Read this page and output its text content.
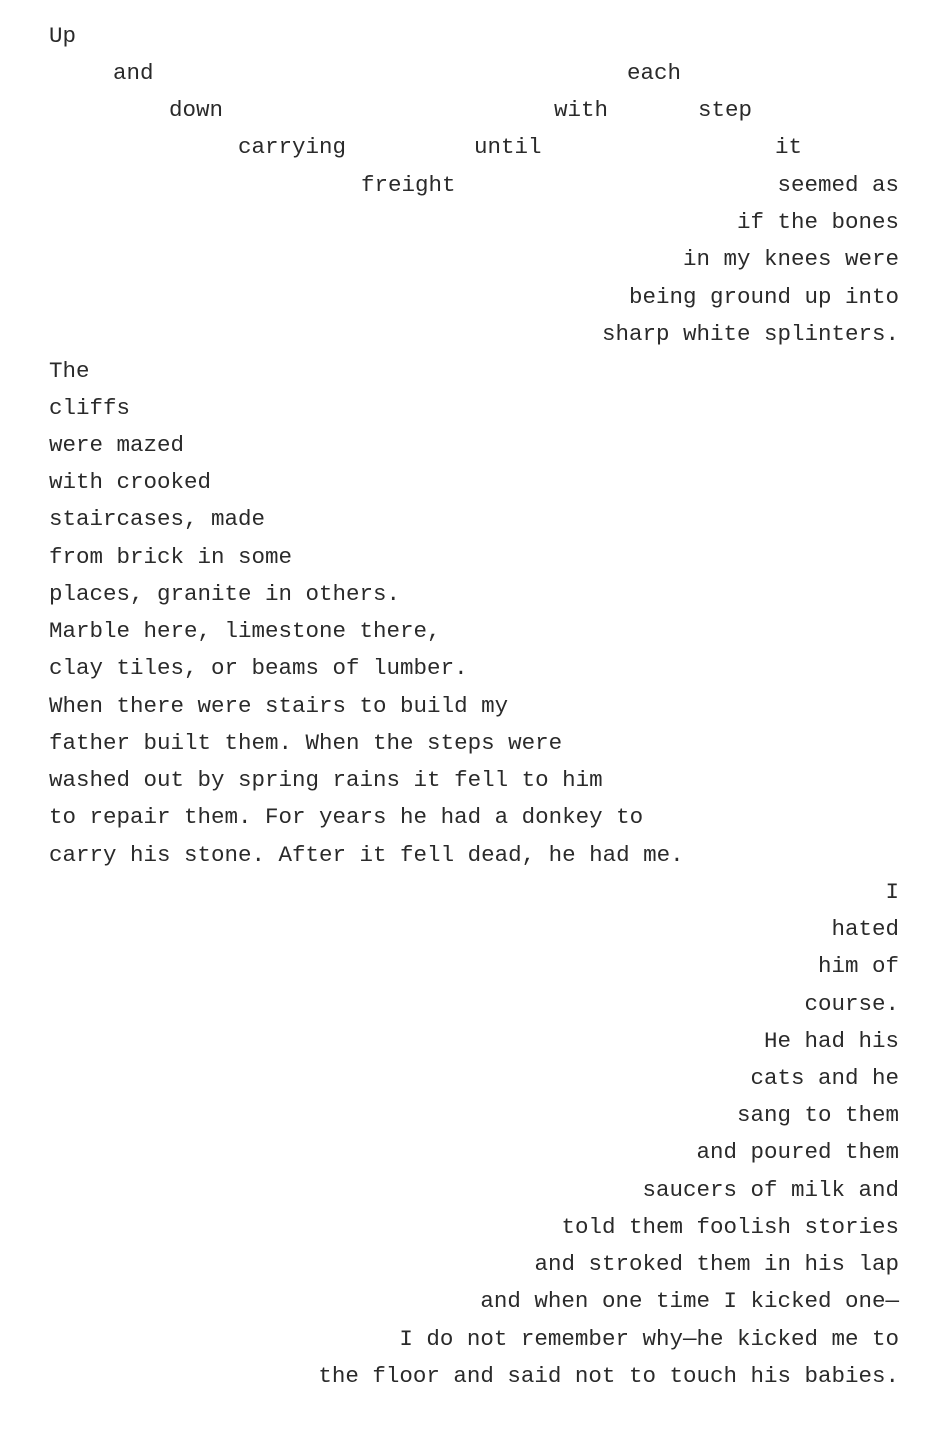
Up
and	each
down	with	step
carrying	until	it
freight	seemed as
if the bones
in my knees were
being ground up into
sharp white splinters.
The
cliffs
were mazed
with crooked
staircases, made
from brick in some
places, granite in others.
Marble here, limestone there,
clay tiles, or beams of lumber.
When there were stairs to build my
father built them. When the steps were
washed out by spring rains it fell to him
to repair them. For years he had a donkey to
carry his stone. After it fell dead, he had me.
I
hated
him of
course.
He had his
cats and he
sang to them
and poured them
saucers of milk and
told them foolish stories
and stroked them in his lap
and when one time I kicked one—
I do not remember why—he kicked me to
the floor and said not to touch his babies.
